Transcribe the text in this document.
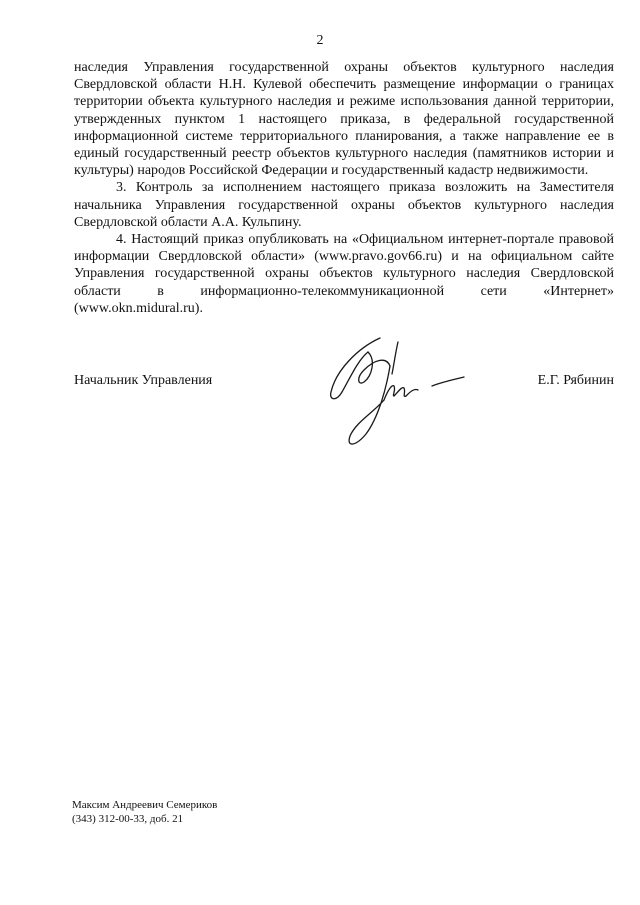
2

наследия Управления государственной охраны объектов культурного наследия Свердловской области Н.Н. Кулевой обеспечить размещение информации о границах территории объекта культурного наследия и режиме использования данной территории, утвержденных пунктом 1 настоящего приказа, в федеральной государственной информационной системе территориального планирования, а также направление ее в единый государственный реестр объектов культурного наследия (памятников истории и культуры) народов Российской Федерации и государственный кадастр недвижимости.

3. Контроль за исполнением настоящего приказа возложить на Заместителя начальника Управления государственной охраны объектов культурного наследия Свердловской области А.А. Кульпину.

4. Настоящий приказ опубликовать на «Официальном интернет-портале правовой информации Свердловской области» (www.pravo.gov66.ru) и на официальном сайте Управления государственной охраны объектов культурного наследия Свердловской области в информационно-телекоммуникационной сети «Интернет» (www.okn.midural.ru).

Начальник Управления	Е.Г. Рябинин
Максим Андреевич Семериков
(343) 312-00-33, доб. 21
